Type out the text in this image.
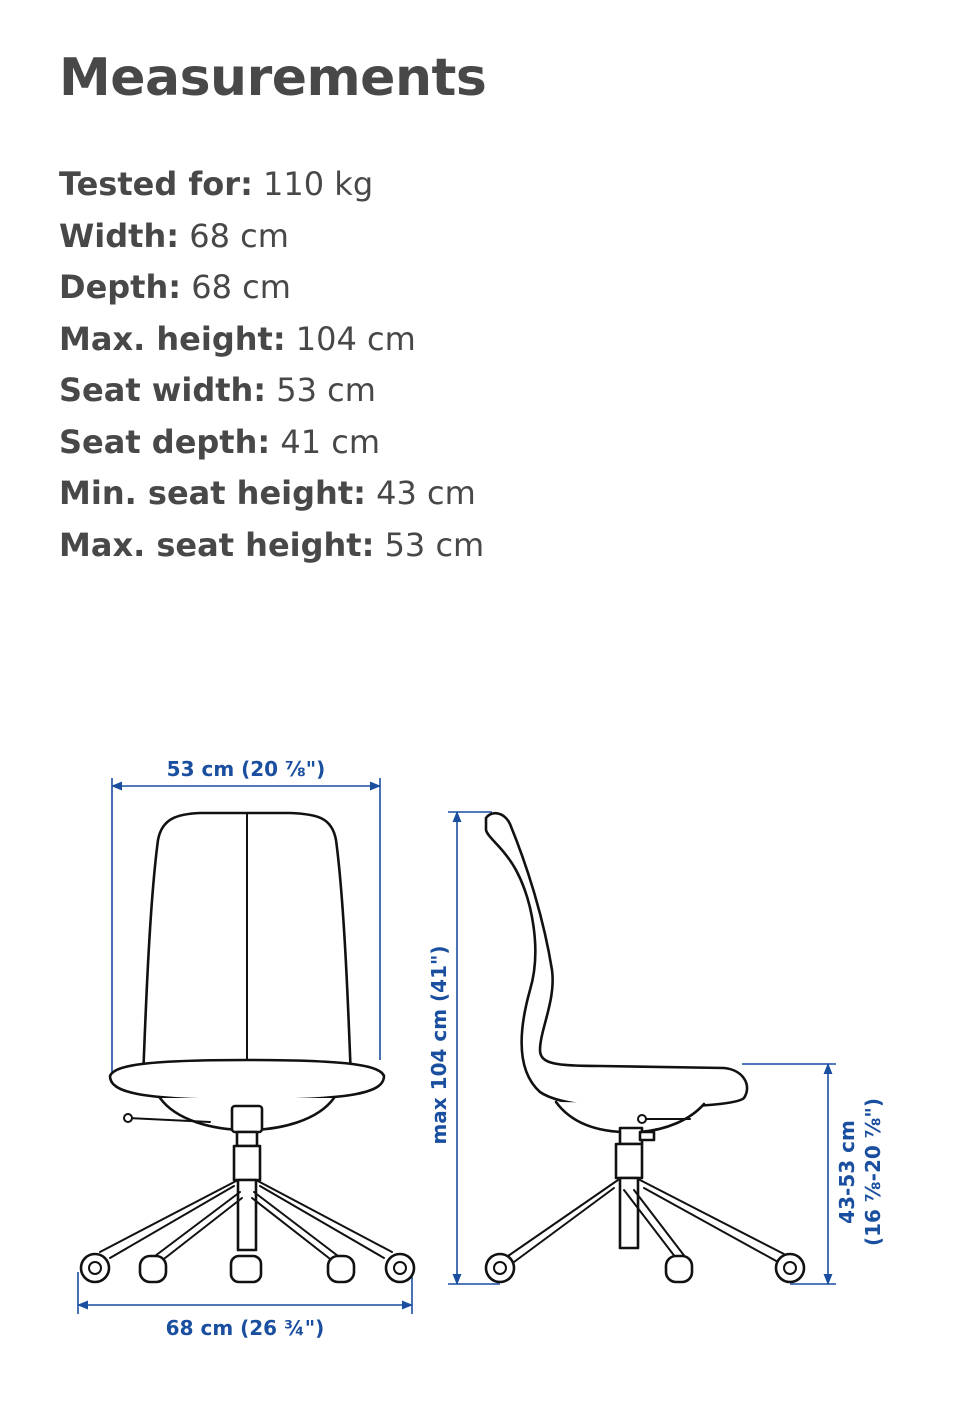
Measurements
Tested for: 110 kg
Width: 68 cm
Depth: 68 cm
Max. height: 104 cm
Seat width: 53 cm
Seat depth: 41 cm
Min. seat height: 43 cm
Max. seat height: 53 cm
53 cm (20 ⅞")
68 cm (26 ¾")
max 104 cm (41")
43-53 cm (16 ⅞-20 ⅞")
